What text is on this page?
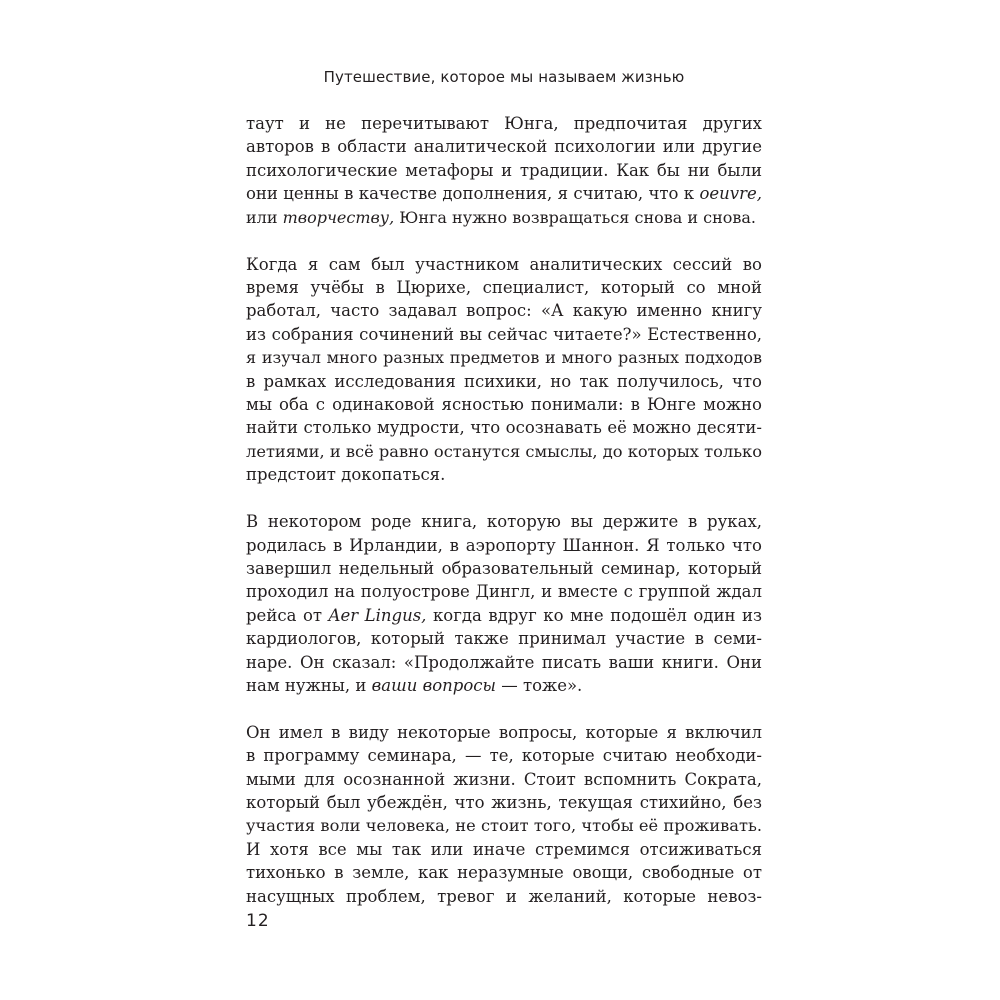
Путешествие, которое мы называем жизнью

таут и не перечитывают Юнга, предпочитая других
авторов в области аналитической психологии или другие
психологические метафоры и традиции. Как бы ни были
они ценны в качестве дополнения, я считаю, что к oeuvre,
или творчеству, Юнга нужно возвращаться снова и снова.

Когда я сам был участником аналитических сессий во
время учёбы в Цюрихе, специалист, который со мной
работал, часто задавал вопрос: «А какую именно книгу
из собрания сочинений вы сейчас читаете?» Естественно,
я изучал много разных предметов и много разных подходов
в рамках исследования психики, но так получилось, что
мы оба с одинаковой ясностью понимали: в Юнге можно
найти столько мудрости, что осознавать её можно десяти-
летиями, и всё равно останутся смыслы, до которых только
предстоит докопаться.

В некотором роде книга, которую вы держите в руках,
родилась в Ирландии, в аэропорту Шаннон. Я только что
завершил недельный образовательный семинар, который
проходил на полуострове Дингл, и вместе с группой ждал
рейса от Aer Lingus, когда вдруг ко мне подошёл один из
кардиологов, который также принимал участие в семи-
наре. Он сказал: «Продолжайте писать ваши книги. Они
нам нужны, и ваши вопросы — тоже».

Он имел в виду некоторые вопросы, которые я включил
в программу семинара, — те, которые считаю необходи-
мыми для осознанной жизни. Стоит вспомнить Сократа,
который был убеждён, что жизнь, текущая стихийно, без
участия воли человека, не стоит того, чтобы её проживать.
И хотя все мы так или иначе стремимся отсиживаться
тихонько в земле, как неразумные овощи, свободные от
насущных проблем, тревог и желаний, которые невоз-

12
